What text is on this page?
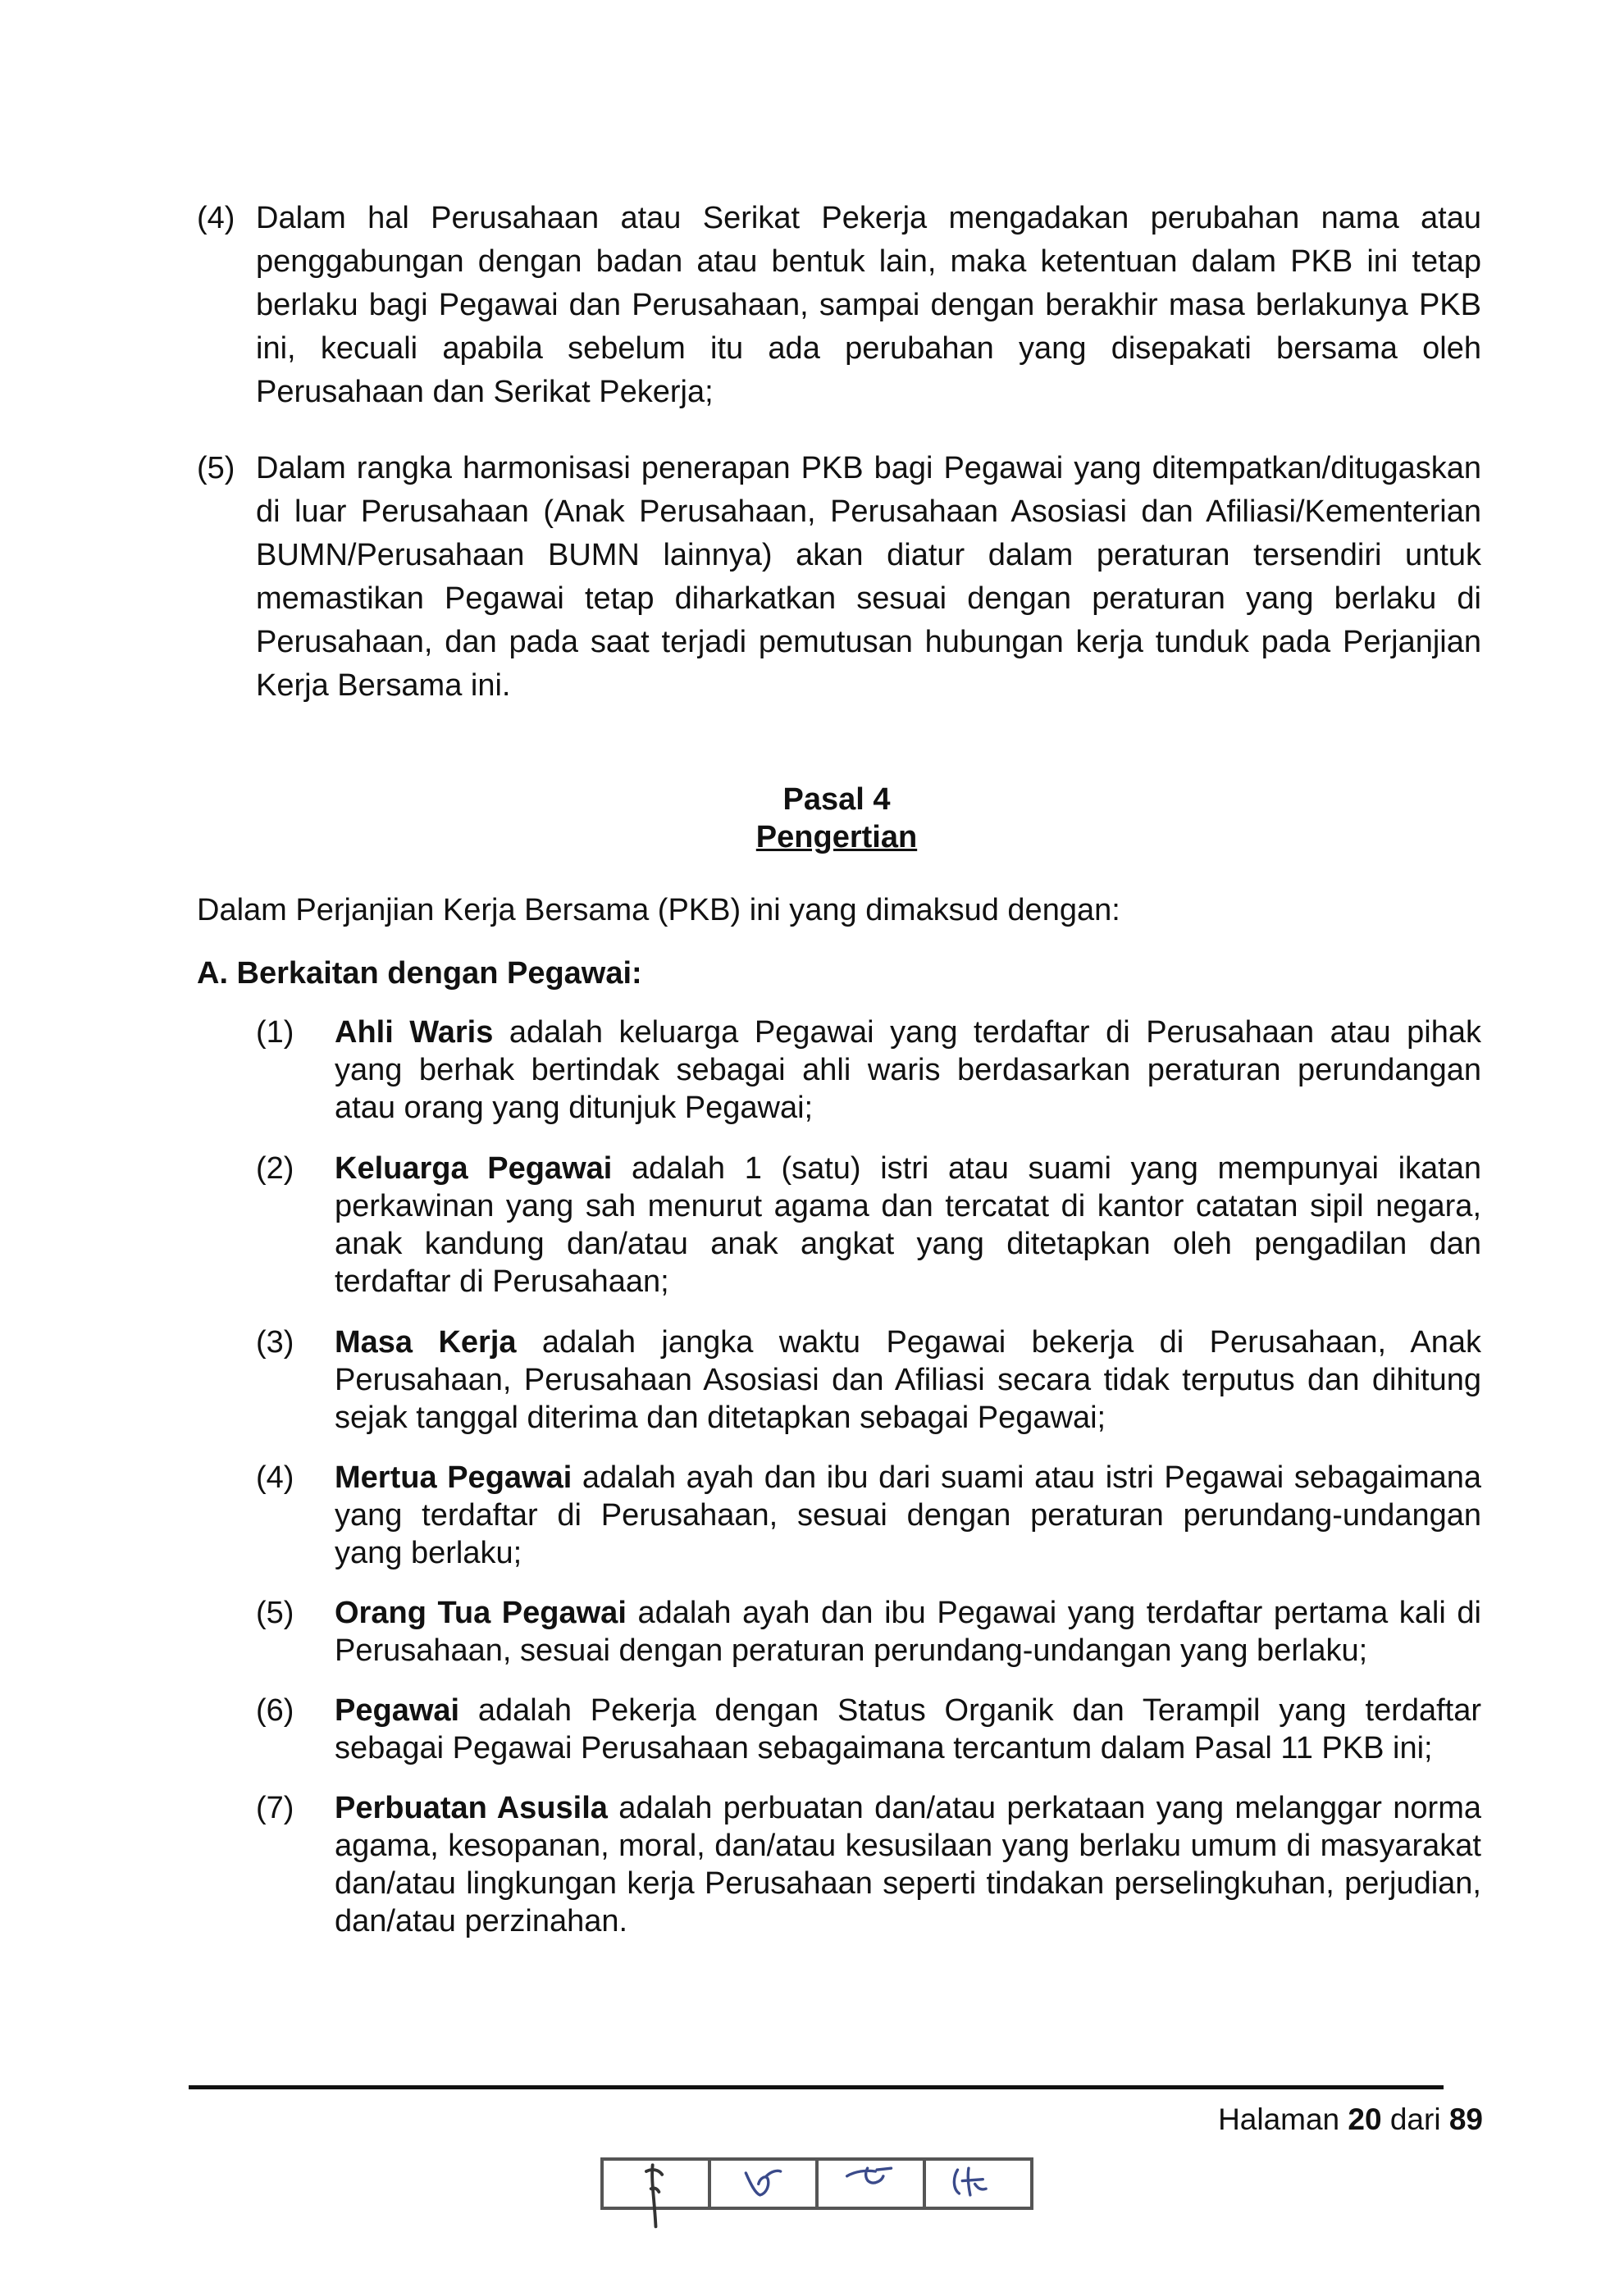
(4) Dalam hal Perusahaan atau Serikat Pekerja mengadakan perubahan nama atau penggabungan dengan badan atau bentuk lain, maka ketentuan dalam PKB ini tetap berlaku bagi Pegawai dan Perusahaan, sampai dengan berakhir masa berlakunya PKB ini, kecuali apabila sebelum itu ada perubahan yang disepakati bersama oleh Perusahaan dan Serikat Pekerja;
(5) Dalam rangka harmonisasi penerapan PKB bagi Pegawai yang ditempatkan/ditugaskan di luar Perusahaan (Anak Perusahaan, Perusahaan Asosiasi dan Afiliasi/Kementerian BUMN/Perusahaan BUMN lainnya) akan diatur dalam peraturan tersendiri untuk memastikan Pegawai tetap diharkatkan sesuai dengan peraturan yang berlaku di Perusahaan, dan pada saat terjadi pemutusan hubungan kerja tunduk pada Perjanjian Kerja Bersama ini.
Pasal 4
Pengertian
Dalam Perjanjian Kerja Bersama (PKB) ini yang dimaksud dengan:
A. Berkaitan dengan Pegawai:
(1) Ahli Waris adalah keluarga Pegawai yang terdaftar di Perusahaan atau pihak yang berhak bertindak sebagai ahli waris berdasarkan peraturan perundangan atau orang yang ditunjuk Pegawai;
(2) Keluarga Pegawai adalah 1 (satu) istri atau suami yang mempunyai ikatan perkawinan yang sah menurut agama dan tercatat di kantor catatan sipil negara, anak kandung dan/atau anak angkat yang ditetapkan oleh pengadilan dan terdaftar di Perusahaan;
(3) Masa Kerja adalah jangka waktu Pegawai bekerja di Perusahaan, Anak Perusahaan, Perusahaan Asosiasi dan Afiliasi secara tidak terputus dan dihitung sejak tanggal diterima dan ditetapkan sebagai Pegawai;
(4) Mertua Pegawai adalah ayah dan ibu dari suami atau istri Pegawai sebagaimana yang terdaftar di Perusahaan, sesuai dengan peraturan perundang-undangan yang berlaku;
(5) Orang Tua Pegawai adalah ayah dan ibu Pegawai yang terdaftar pertama kali di Perusahaan, sesuai dengan peraturan perundang-undangan yang berlaku;
(6) Pegawai adalah Pekerja dengan Status Organik dan Terampil yang terdaftar sebagai Pegawai Perusahaan sebagaimana tercantum dalam Pasal 11 PKB ini;
(7) Perbuatan Asusila adalah perbuatan dan/atau perkataan yang melanggar norma agama, kesopanan, moral, dan/atau kesusilaan yang berlaku umum di masyarakat dan/atau lingkungan kerja Perusahaan seperti tindakan perselingkuhan, perjudian, dan/atau perzinahan.
Halaman 20 dari 89
